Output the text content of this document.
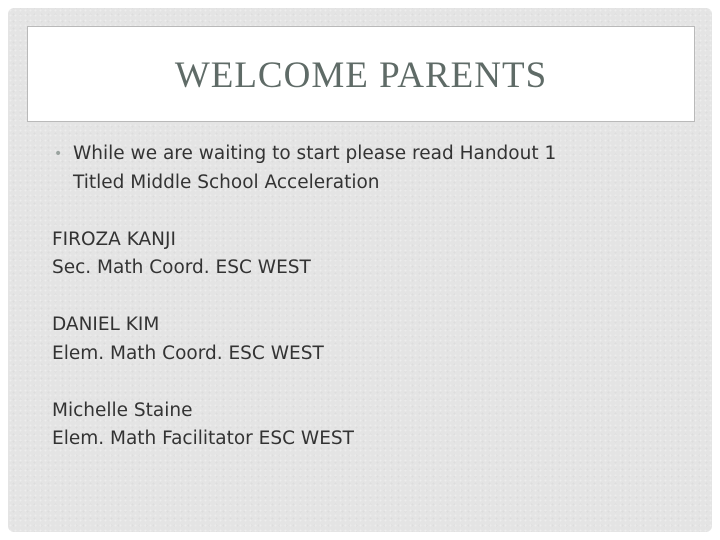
WELCOME PARENTS
• While we are waiting to start please read Handout 1
Titled Middle School Acceleration
FIROZA KANJI
Sec. Math Coord. ESC WEST
DANIEL KIM
Elem. Math Coord. ESC WEST
Michelle Staine
Elem. Math Facilitator ESC WEST
